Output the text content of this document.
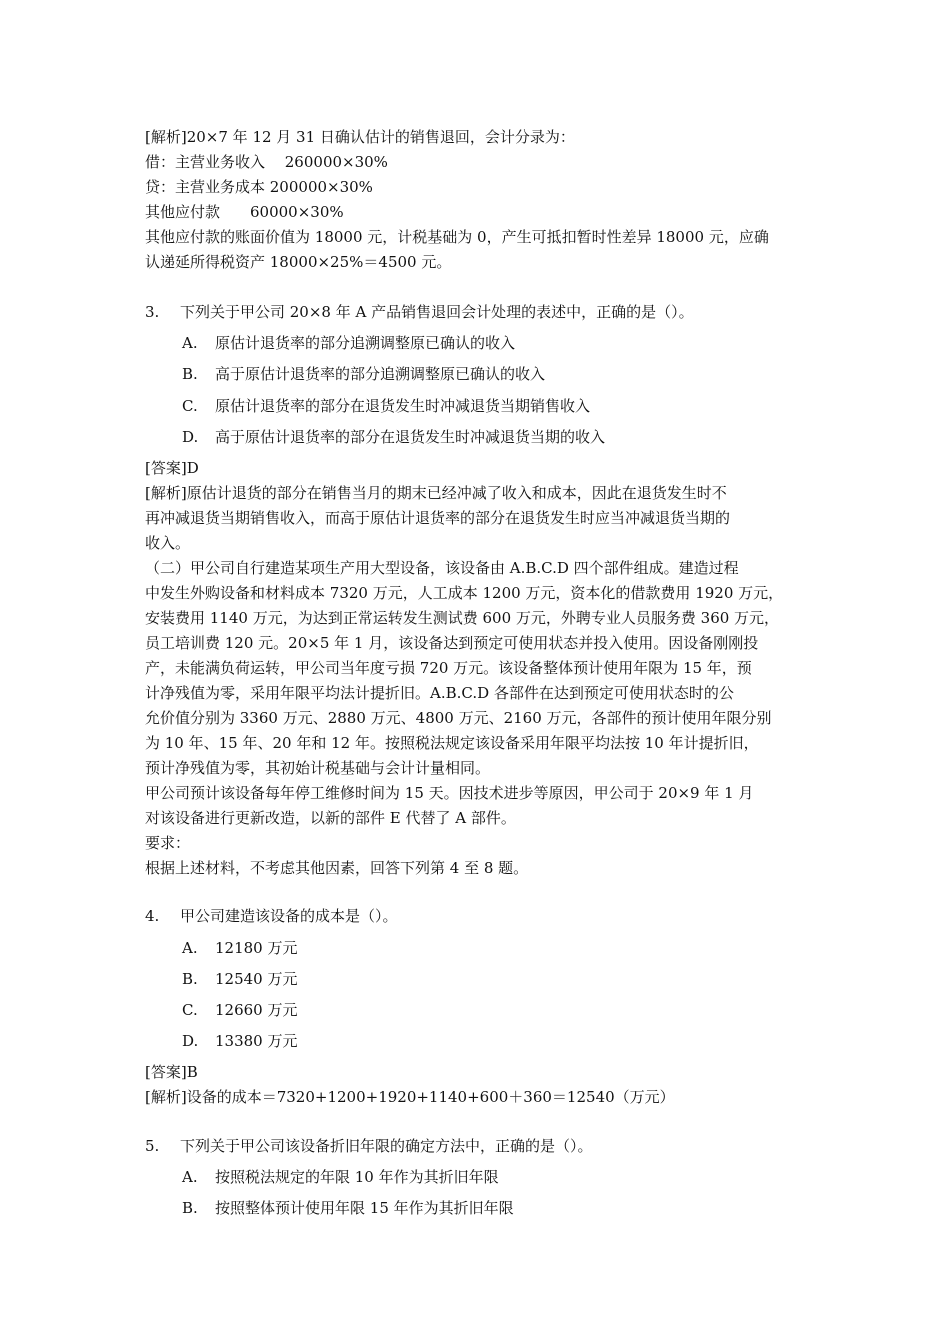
[解析]20×7 年 12 月 31 日确认估计的销售退回，会计分录为：
借：主营业务收入　 260000×30%
贷：主营业务成本 200000×30%
其他应付款　　60000×30%
其他应付款的账面价值为 18000 元，计税基础为 0，产生可抵扣暂时性差异 18000 元，应确
认递延所得税资产 18000×25%＝4500 元。
3. 下列关于甲公司 20×8 年 A 产品销售退回会计处理的表述中，正确的是（）。
A. 原估计退货率的部分追溯调整原已确认的收入
B. 高于原估计退货率的部分追溯调整原已确认的收入
C. 原估计退货率的部分在退货发生时冲减退货当期销售收入
D. 高于原估计退货率的部分在退货发生时冲减退货当期的收入
[答案]D
[解析]原估计退货的部分在销售当月的期末已经冲减了收入和成本，因此在退货发生时不
再冲减退货当期销售收入，而高于原估计退货率的部分在退货发生时应当冲减退货当期的
收入。
（二）甲公司自行建造某项生产用大型设备，该设备由 A.B.C.D 四个部件组成。建造过程
中发生外购设备和材料成本 7320 万元，人工成本 1200 万元，资本化的借款费用 1920 万元，
安装费用 1140 万元，为达到正常运转发生测试费 600 万元，外聘专业人员服务费 360 万元，
员工培训费 120 元。20×5 年 1 月，该设备达到预定可使用状态并投入使用。因设备刚刚投
产，未能满负荷运转，甲公司当年度亏损 720 万元。该设备整体预计使用年限为 15 年，预
计净残值为零，采用年限平均法计提折旧。A.B.C.D 各部件在达到预定可使用状态时的公
允价值分别为 3360 万元、2880 万元、4800 万元、2160 万元，各部件的预计使用年限分别
为 10 年、15 年、20 年和 12 年。按照税法规定该设备采用年限平均法按 10 年计提折旧，
预计净残值为零，其初始计税基础与会计计量相同。
甲公司预计该设备每年停工维修时间为 15 天。因技术进步等原因，甲公司于 20×9 年 1 月
对该设备进行更新改造，以新的部件 E 代替了 A 部件。
要求：
根据上述材料，不考虑其他因素，回答下列第 4 至 8 题。
4. 甲公司建造该设备的成本是（）。
A. 12180 万元
B. 12540 万元
C. 12660 万元
D. 13380 万元
[答案]B
[解析]设备的成本＝7320+1200+1920+1140+600＋360＝12540（万元）
5. 下列关于甲公司该设备折旧年限的确定方法中，正确的是（）。
A. 按照税法规定的年限 10 年作为其折旧年限
B. 按照整体预计使用年限 15 年作为其折旧年限
